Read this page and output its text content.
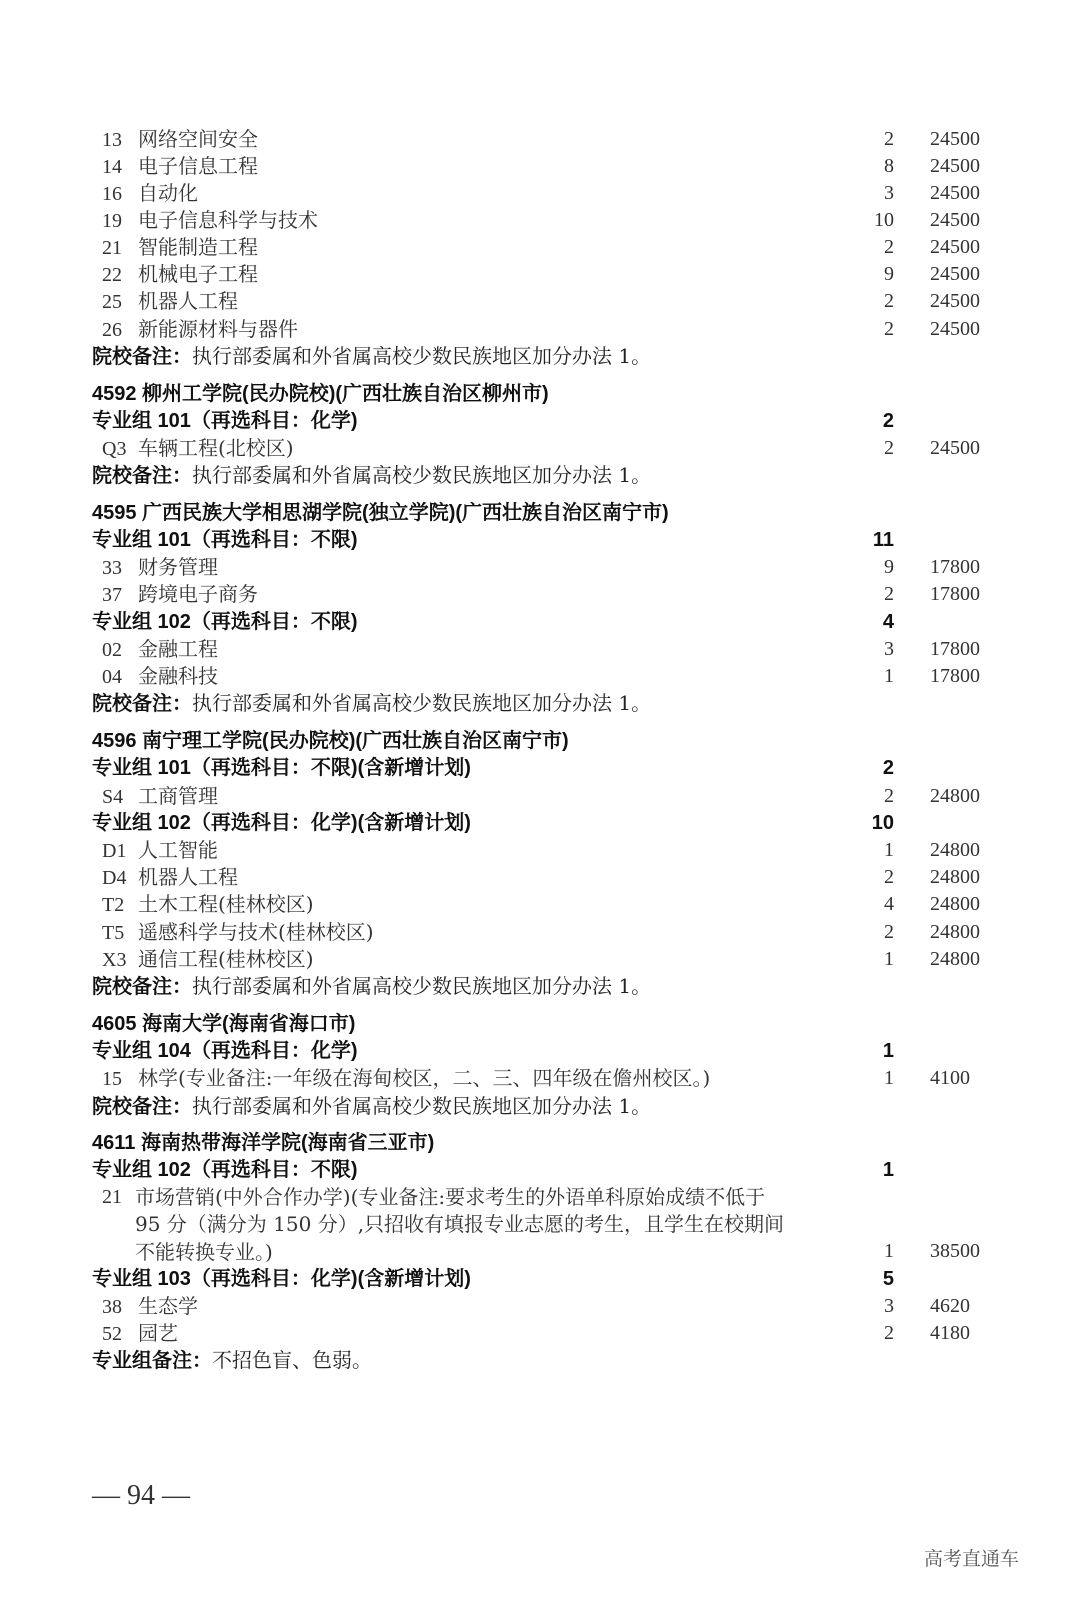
13 网络空间安全	2 24500
14 电子信息工程	8 24500
16 自动化	3 24500
19 电子信息科学与技术	10 24500
21 智能制造工程	2 24500
22 机械电子工程	9 24500
25 机器人工程	2 24500
26 新能源材料与器件	2 24500
院校备注：执行部委属和外省属高校少数民族地区加分办法 1。
4592 柳州工学院(民办院校)(广西壮族自治区柳州市)
专业组 101（再选科目：化学)	2
Q3 车辆工程(北校区)	2 24500
院校备注：执行部委属和外省属高校少数民族地区加分办法 1。
4595 广西民族大学相思湖学院(独立学院)(广西壮族自治区南宁市)
专业组 101（再选科目：不限)	11
33 财务管理	9 17800
37 跨境电子商务	2 17800
专业组 102（再选科目：不限)	4
02 金融工程	3 17800
04 金融科技	1 17800
院校备注：执行部委属和外省属高校少数民族地区加分办法 1。
4596 南宁理工学院(民办院校)(广西壮族自治区南宁市)
专业组 101（再选科目：不限)(含新增计划)	2
S4 工商管理	2 24800
专业组 102（再选科目：化学)(含新增计划)	10
D1 人工智能	1 24800
D4 机器人工程	2 24800
T2 土木工程(桂林校区)	4 24800
T5 遥感科学与技术(桂林校区)	2 24800
X3 通信工程(桂林校区)	1 24800
院校备注：执行部委属和外省属高校少数民族地区加分办法 1。
4605 海南大学(海南省海口市)
专业组 104（再选科目：化学)	1
15 林学(专业备注:一年级在海甸校区，二、三、四年级在儋州校区。)	1 4100
院校备注：执行部委属和外省属高校少数民族地区加分办法 1。
4611 海南热带海洋学院(海南省三亚市)
专业组 102（再选科目：不限)	1
21 市场营销(中外合作办学)(专业备注:要求考生的外语单科原始成绩不低于 95 分（满分为 150 分）,只招收有填报专业志愿的考生，且学生在校期间不能转换专业。)	1 38500
专业组 103（再选科目：化学)(含新增计划)	5
38 生态学	3 4620
52 园艺	2 4180
专业组备注：不招色盲、色弱。
— 94 —
高考直通车
